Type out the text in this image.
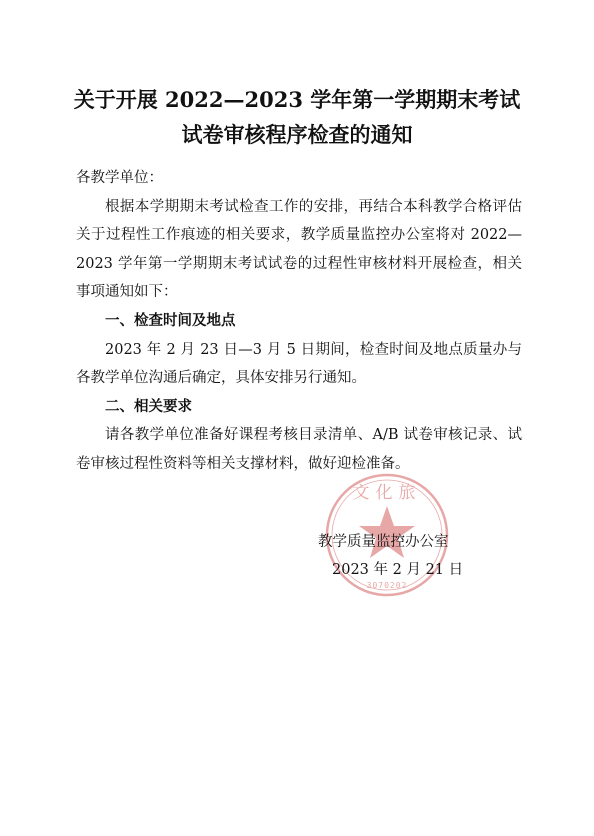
关于开展 2022—2023 学年第一学期期末考试
试卷审核程序检查的通知
各教学单位：
根据本学期期末考试检查工作的安排，再结合本科教学合格评估关于过程性工作痕迹的相关要求，教学质量监控办公室将对 2022—2023 学年第一学期期末考试试卷的过程性审核材料开展检查，相关事项通知如下：
一、检查时间及地点
2023 年 2 月 23 日—3 月 5 日期间，检查时间及地点质量办与各教学单位沟通后确定，具体安排另行通知。
二、相关要求
请各教学单位准备好课程考核目录清单、A/B 试卷审核记录、试卷审核过程性资料等相关支撑材料，做好迎检准备。
文化旅
3070202
教学质量监控办公室
2023 年 2 月 21 日
